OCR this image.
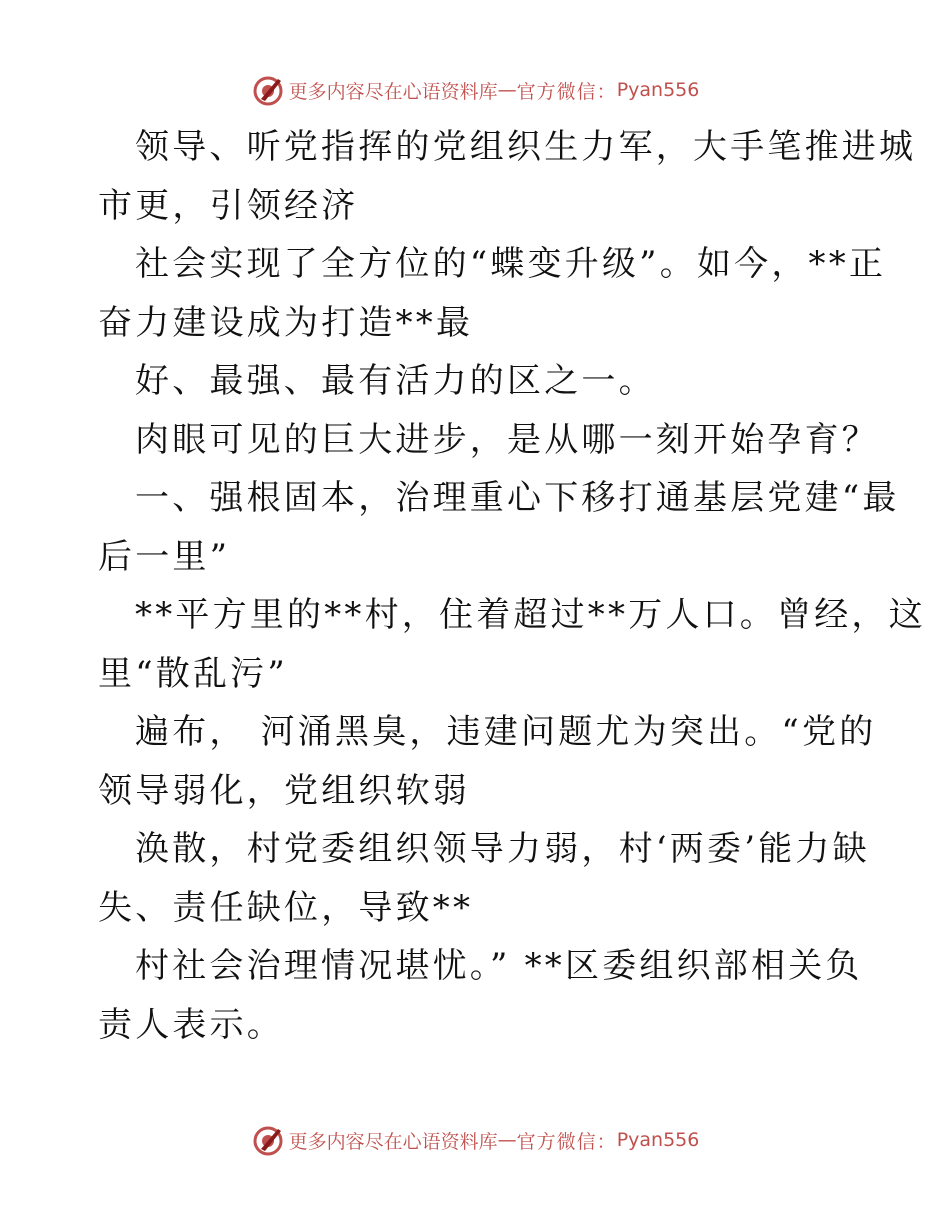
更多内容尽在心语资料库 — 官方微信： Pyan556
领导、听党指挥的党组织生力军，大手笔推进城
市更，引领经济
社会实现了全方位的“蝶变升级”。如今，**正
奋力建设成为打造**最
好、最强、最有活力的区之一。
肉眼可见的巨大进步，是从哪一刻开始孕育？
一、强根固本，治理重心下移打通基层党建“最
后一里”
**平方里的**村，住着超过**万人口。曾经，这
里“散乱污”
遍布， 河涌黑臭，违建问题尤为突出。“党的
领导弱化，党组织软弱
涣散，村党委组织领导力弱，村‘两委’能力缺
失、责任缺位，导致**
村社会治理情况堪忧。” **区委组织部相关负
责人表示。
更多内容尽在心语资料库 — 官方微信： Pyan556
